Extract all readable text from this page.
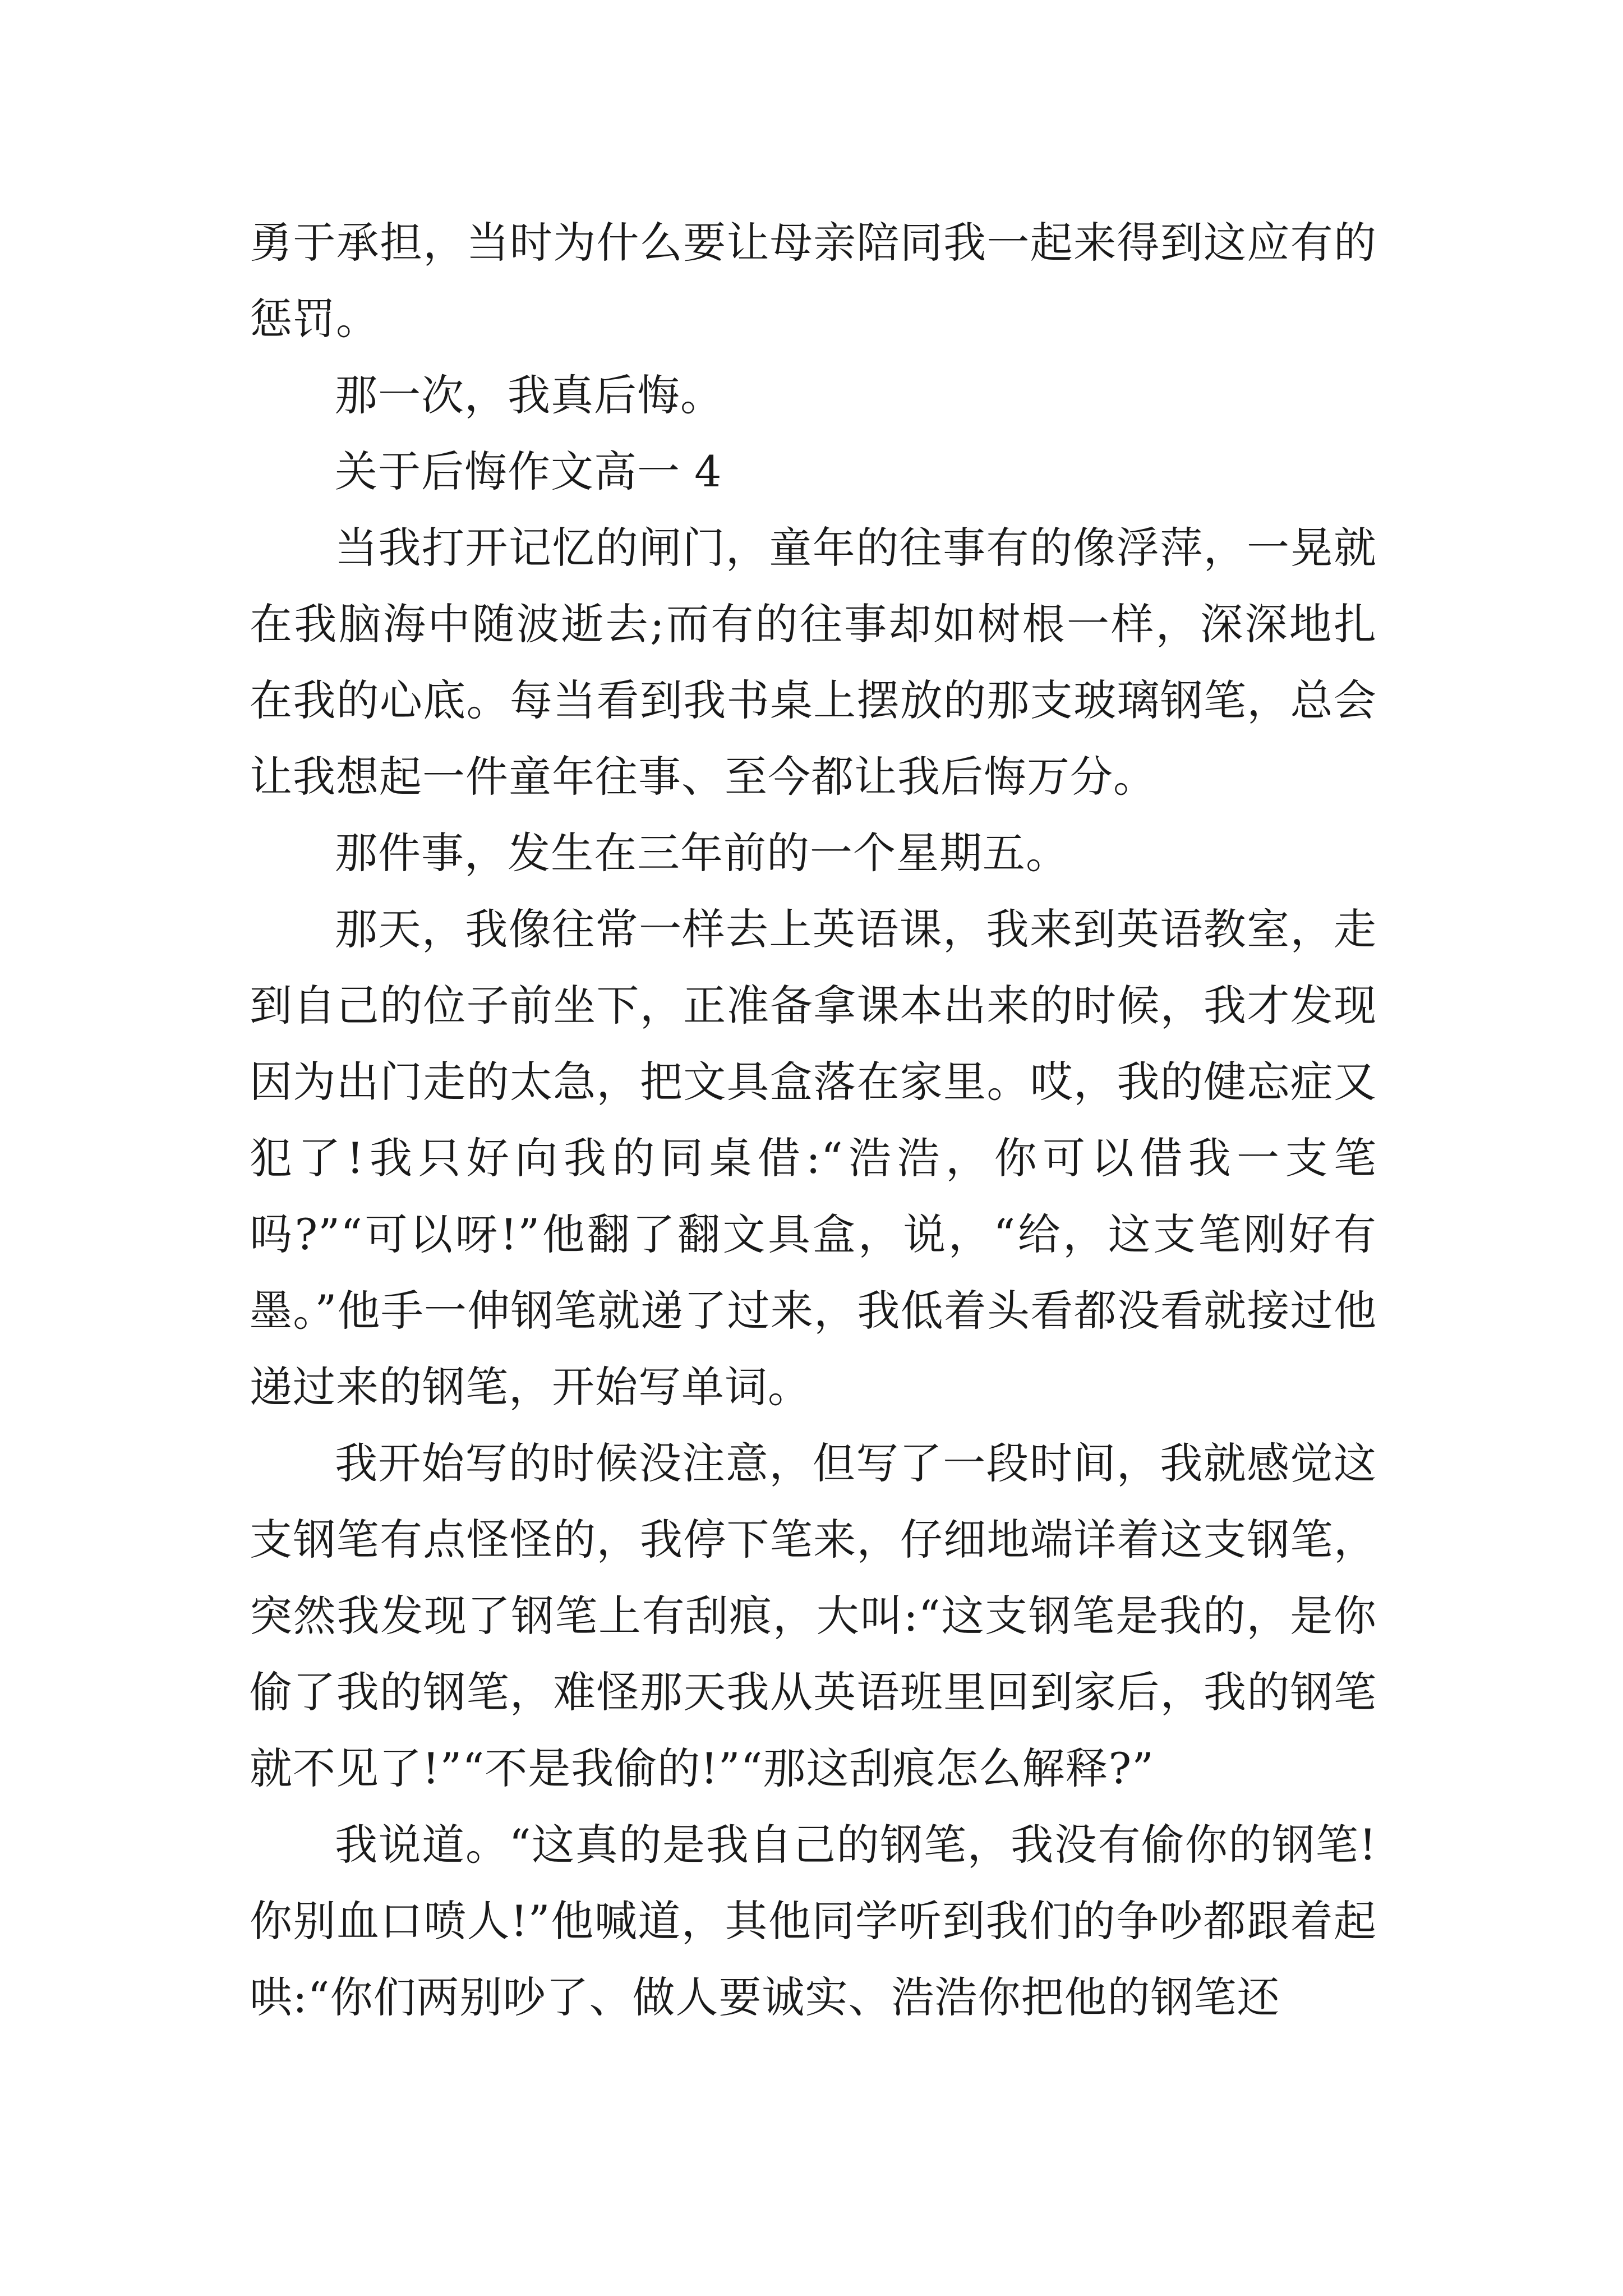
勇于承担，当时为什么要让母亲陪同我一起来得到这应有的惩罚。

那一次，我真后悔。

关于后悔作文高一 4

当我打开记忆的闸门，童年的往事有的像浮萍，一晃就在我脑海中随波逝去;而有的往事却如树根一样，深深地扎在我的心底。每当看到我书桌上摆放的那支玻璃钢笔，总会让我想起一件童年往事、至今都让我后悔万分。

那件事，发生在三年前的一个星期五。

那天，我像往常一样去上英语课，我来到英语教室，走到自己的位子前坐下，正准备拿课本出来的时候，我才发现因为出门走的太急，把文具盒落在家里。哎，我的健忘症又犯了!我只好向我的同桌借:“浩浩，你可以借我一支笔吗?”“可以呀!”他翻了翻文具盒，说，“给，这支笔刚好有墨。”他手一伸钢笔就递了过来，我低着头看都没看就接过他递过来的钢笔，开始写单词。

我开始写的时候没注意，但写了一段时间，我就感觉这支钢笔有点怪怪的，我停下笔来，仔细地端详着这支钢笔，突然我发现了钢笔上有刮痕，大叫:“这支钢笔是我的，是你偷了我的钢笔，难怪那天我从英语班里回到家后，我的钢笔就不见了!”“不是我偷的!”“那这刮痕怎么解释?”

我说道。“这真的是我自己的钢笔，我没有偷你的钢笔!你别血口喷人!”他喊道，其他同学听到我们的争吵都跟着起哄:“你们两别吵了、做人要诚实、浩浩你把他的钢笔还
